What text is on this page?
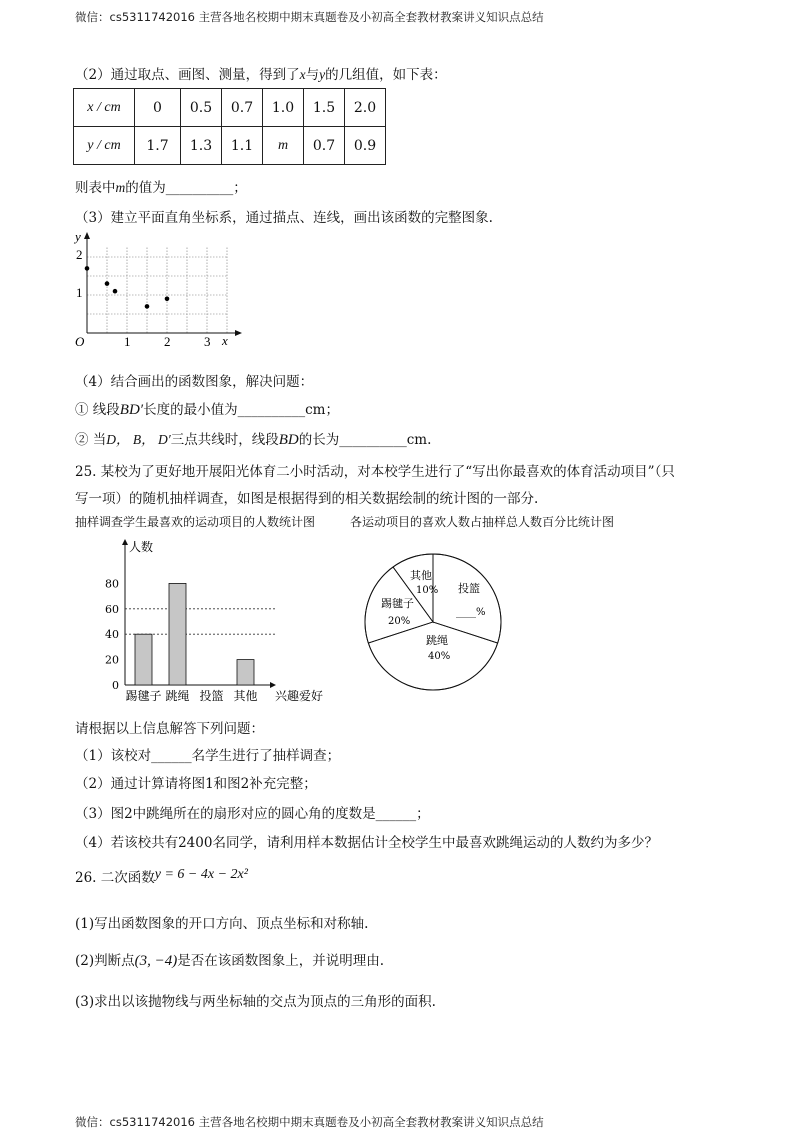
微信：cs5311742016 主营各地名校期中期末真题卷及小初高全套教材教案讲义知识点总结
微信：cs5311742016 主营各地名校期中期末真题卷及小初高全套教材教案讲义知识点总结
（2）通过取点、画图、测量，得到了x与y的几组值，如下表：
x / cm	0	0.5	0.7	1.0	1.5	2.0
y / cm	1.7	1.3	1.1	m	0.7	0.9
则表中m的值为__________；
（3）建立平面直角坐标系，通过描点、连线，画出该函数的完整图象.
y
x
O
2
1
1	2	3
（4）结合画出的函数图象，解决问题：
① 线段BD′长度的最小值为__________cm；
② 当D， B， D′三点共线时，线段BD的长为__________cm.
25. 某校为了更好地开展阳光体育二小时活动，对本校学生进行了“写出你最喜欢的体育活动项目”（只
写一项）的随机抽样调查，如图是根据得到的相关数据绘制的统计图的一部分.
抽样调查学生最喜欢的运动项目的人数统计图	各运动项目的喜欢人数占抽样总人数百分比统计图
人数
兴趣爱好
0
20
40
60
80
踢毽子 跳绳 投篮 其他
其他
10% 投篮
____%
踢毽子
20%
跳绳
40%
请根据以上信息解答下列问题：
（1）该校对______名学生进行了抽样调查；
（2）通过计算请将图1和图2补充完整；
（3）图2中跳绳所在的扇形对应的圆心角的度数是______；
（4）若该校共有2400名同学，请利用样本数据估计全校学生中最喜欢跳绳运动的人数约为多少？
26. 二次函数y = 6 − 4x − 2x²
(1)写出函数图象的开口方向、顶点坐标和对称轴.
(2)判断点(3, −4)是否在该函数图象上，并说明理由.
(3)求出以该抛物线与两坐标轴的交点为顶点的三角形的面积.
